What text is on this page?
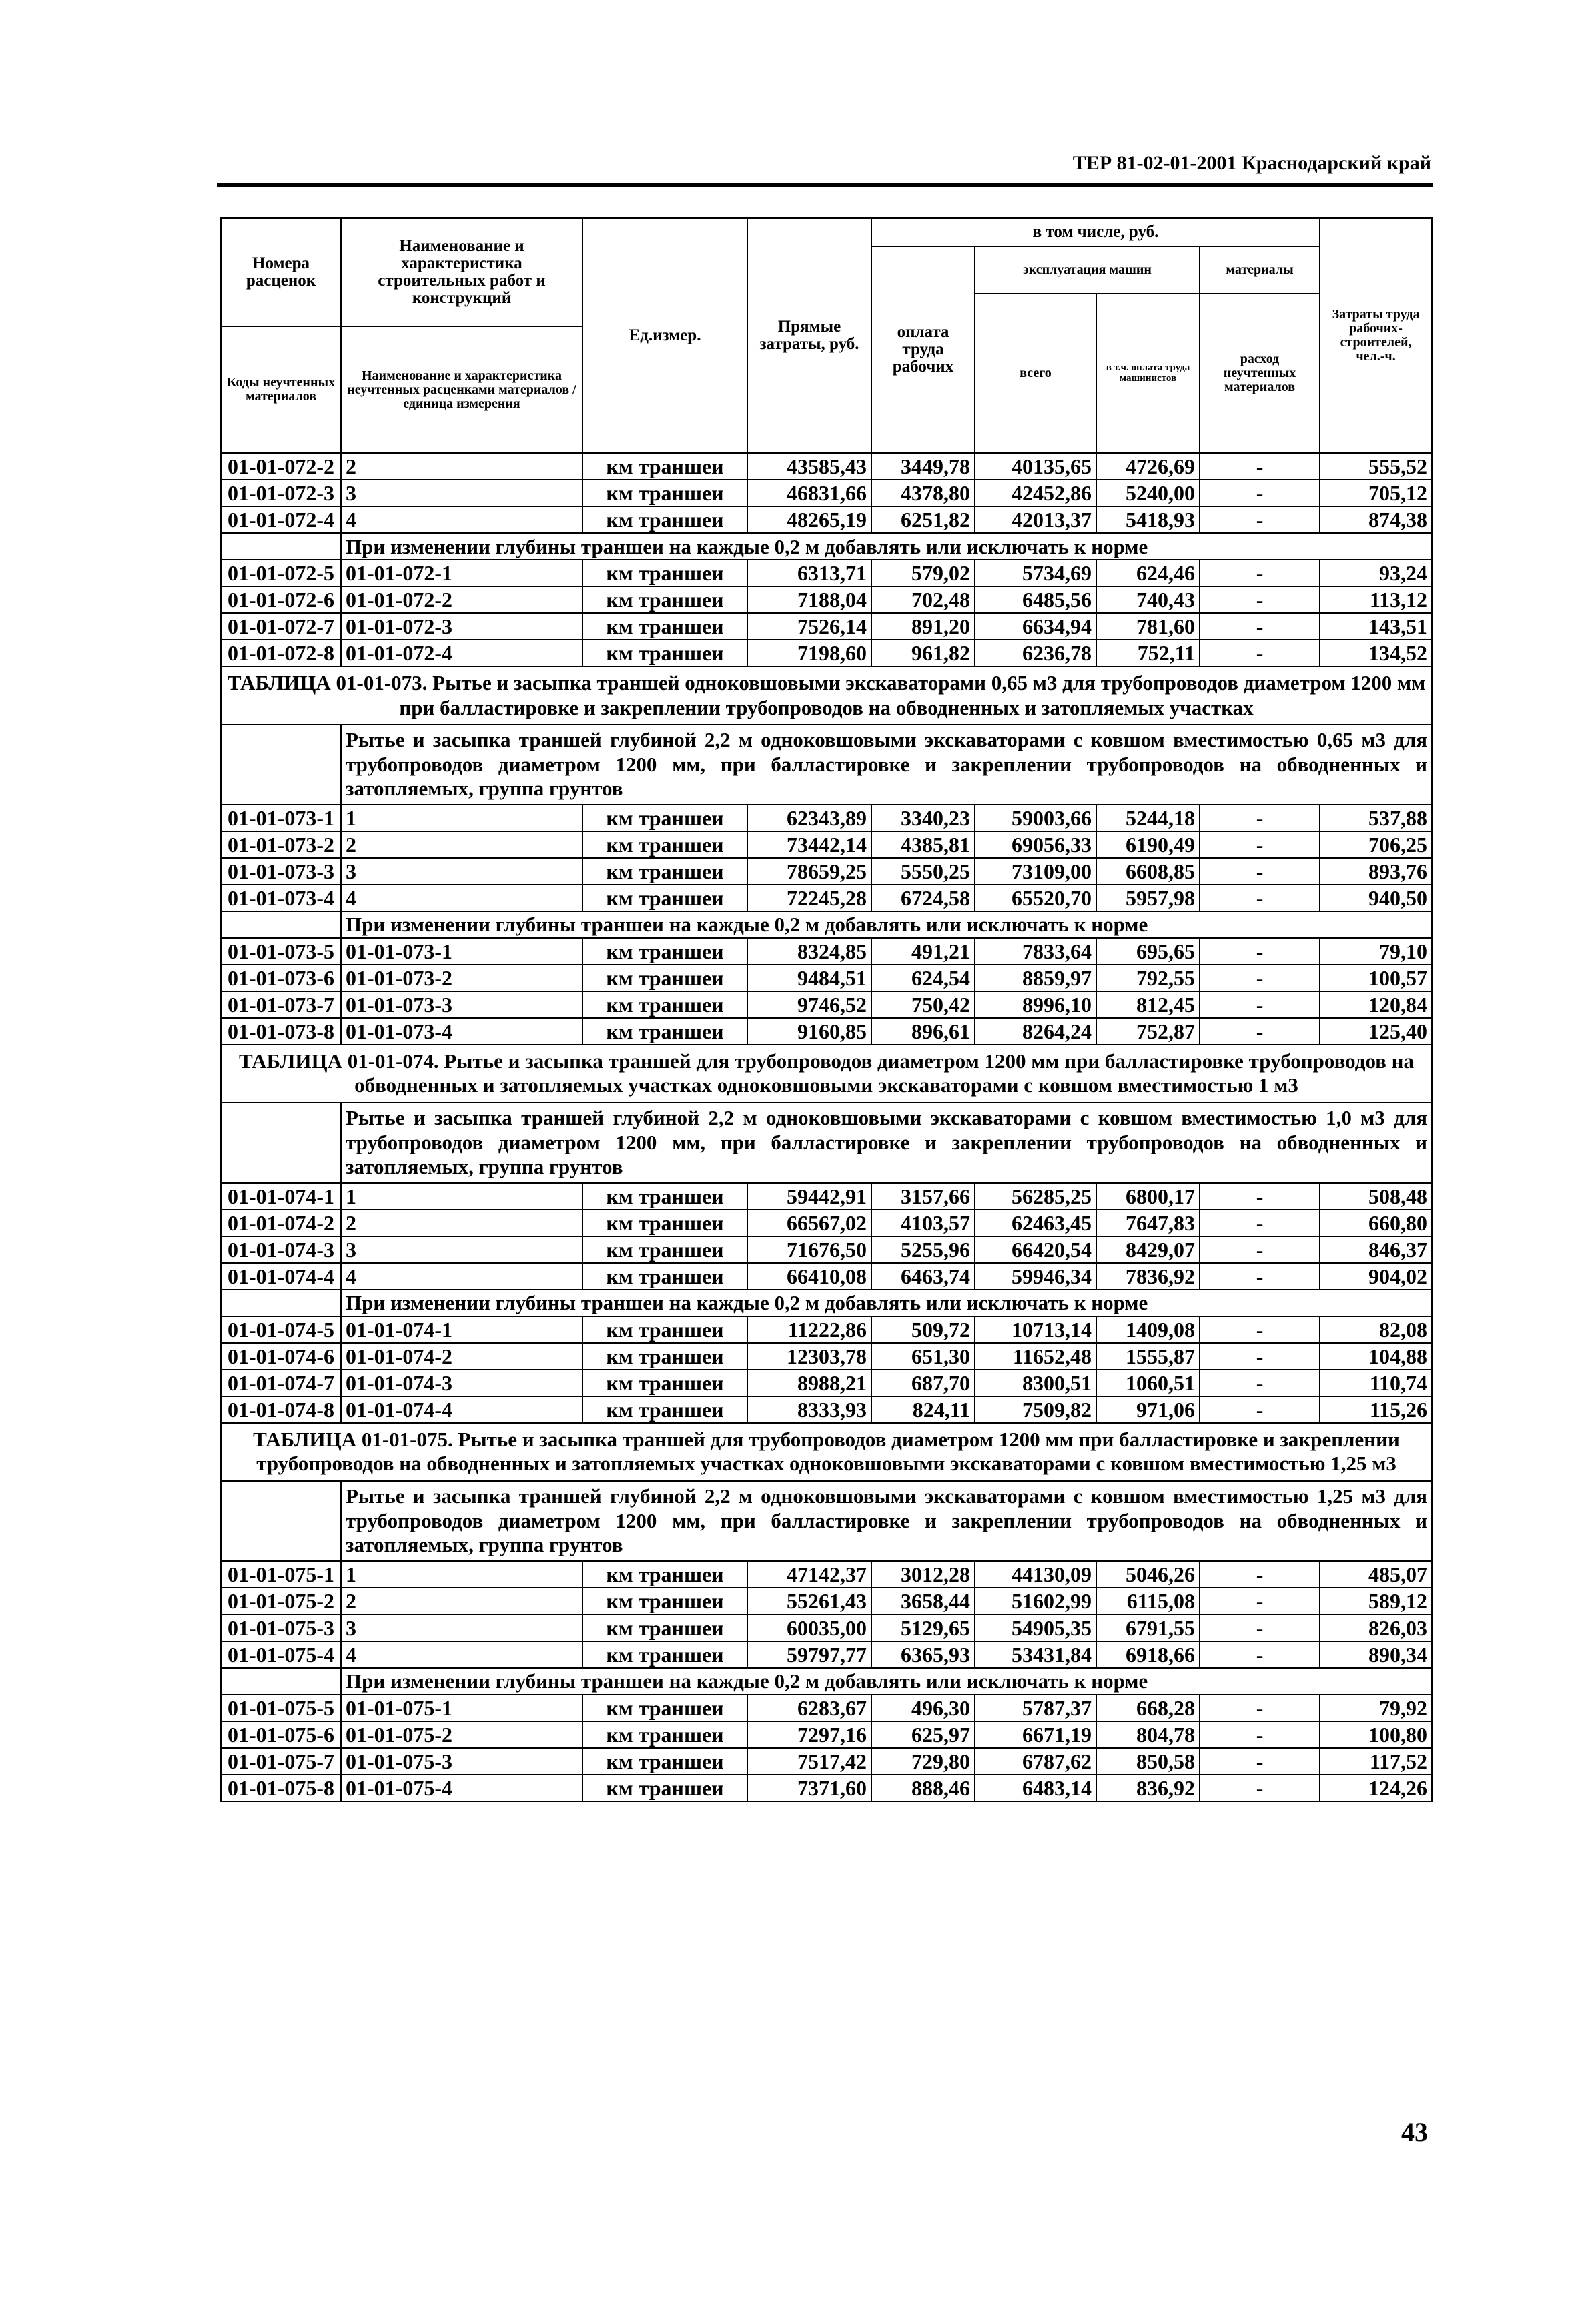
ТЕР 81-02-01-2001 Краснодарский край
Номера расценок	Наименование и характеристика строительных работ и конструкций	Ед.измер.	Прямые затраты, руб.	в том числе, руб.				Затраты труда рабочих-строителей, чел.-ч.
				оплата труда рабочих	эксплуатация машин		материалы	
					всего	в т.ч. оплата труда машинистов	расход неучтенных материалов	
Коды неучтенных материалов	Наименование и характеристика неучтенных расценками материалов / единица измерения							
01-01-072-2	2	км траншеи	43585,43	3449,78	40135,65	4726,69	-	555,52
01-01-072-3	3	км траншеи	46831,66	4378,80	42452,86	5240,00	-	705,12
01-01-072-4	4	км траншеи	48265,19	6251,82	42013,37	5418,93	-	874,38
	При изменении глубины траншеи на каждые 0,2 м добавлять или исключать к норме							
01-01-072-5	01-01-072-1	км траншеи	6313,71	579,02	5734,69	624,46	-	93,24
01-01-072-6	01-01-072-2	км траншеи	7188,04	702,48	6485,56	740,43	-	113,12
01-01-072-7	01-01-072-3	км траншеи	7526,14	891,20	6634,94	781,60	-	143,51
01-01-072-8	01-01-072-4	км траншеи	7198,60	961,82	6236,78	752,11	-	134,52
ТАБЛИЦА 01-01-073. Рытье и засыпка траншей одноковшовыми экскаваторами 0,65 м3 для трубопроводов диаметром 1200 мм при балластировке и закреплении трубопроводов на обводненных и затопляемых участках								
	Рытье и засыпка траншей глубиной 2,2 м одноковшовыми экскаваторами с ковшом вместимостью 0,65 м3 для трубопроводов диаметром 1200 мм, при балластировке и закреплении трубопроводов на обводненных и затопляемых, группа грунтов							
01-01-073-1	1	км траншеи	62343,89	3340,23	59003,66	5244,18	-	537,88
01-01-073-2	2	км траншеи	73442,14	4385,81	69056,33	6190,49	-	706,25
01-01-073-3	3	км траншеи	78659,25	5550,25	73109,00	6608,85	-	893,76
01-01-073-4	4	км траншеи	72245,28	6724,58	65520,70	5957,98	-	940,50
	При изменении глубины траншеи на каждые 0,2 м добавлять или исключать к норме							
01-01-073-5	01-01-073-1	км траншеи	8324,85	491,21	7833,64	695,65	-	79,10
01-01-073-6	01-01-073-2	км траншеи	9484,51	624,54	8859,97	792,55	-	100,57
01-01-073-7	01-01-073-3	км траншеи	9746,52	750,42	8996,10	812,45	-	120,84
01-01-073-8	01-01-073-4	км траншеи	9160,85	896,61	8264,24	752,87	-	125,40
ТАБЛИЦА 01-01-074. Рытье и засыпка траншей для трубопроводов диаметром 1200 мм при балластировке трубопроводов на обводненных и затопляемых участках одноковшовыми экскаваторами с ковшом вместимостью 1 м3								
	Рытье и засыпка траншей глубиной 2,2 м одноковшовыми экскаваторами с ковшом вместимостью 1,0 м3 для трубопроводов диаметром 1200 мм, при балластировке и закреплении трубопроводов на обводненных и затопляемых, группа грунтов							
01-01-074-1	1	км траншеи	59442,91	3157,66	56285,25	6800,17	-	508,48
01-01-074-2	2	км траншеи	66567,02	4103,57	62463,45	7647,83	-	660,80
01-01-074-3	3	км траншеи	71676,50	5255,96	66420,54	8429,07	-	846,37
01-01-074-4	4	км траншеи	66410,08	6463,74	59946,34	7836,92	-	904,02
	При изменении глубины траншеи на каждые 0,2 м добавлять или исключать к норме							
01-01-074-5	01-01-074-1	км траншеи	11222,86	509,72	10713,14	1409,08	-	82,08
01-01-074-6	01-01-074-2	км траншеи	12303,78	651,30	11652,48	1555,87	-	104,88
01-01-074-7	01-01-074-3	км траншеи	8988,21	687,70	8300,51	1060,51	-	110,74
01-01-074-8	01-01-074-4	км траншеи	8333,93	824,11	7509,82	971,06	-	115,26
ТАБЛИЦА 01-01-075. Рытье и засыпка траншей для трубопроводов диаметром 1200 мм при балластировке и закреплении трубопроводов на обводненных и затопляемых участках одноковшовыми экскаваторами с ковшом вместимостью 1,25 м3								
	Рытье и засыпка траншей глубиной 2,2 м одноковшовыми экскаваторами с ковшом вместимостью 1,25 м3 для трубопроводов диаметром 1200 мм, при балластировке и закреплении трубопроводов на обводненных и затопляемых, группа грунтов							
01-01-075-1	1	км траншеи	47142,37	3012,28	44130,09	5046,26	-	485,07
01-01-075-2	2	км траншеи	55261,43	3658,44	51602,99	6115,08	-	589,12
01-01-075-3	3	км траншеи	60035,00	5129,65	54905,35	6791,55	-	826,03
01-01-075-4	4	км траншеи	59797,77	6365,93	53431,84	6918,66	-	890,34
	При изменении глубины траншеи на каждые 0,2 м добавлять или исключать к норме							
01-01-075-5	01-01-075-1	км траншеи	6283,67	496,30	5787,37	668,28	-	79,92
01-01-075-6	01-01-075-2	км траншеи	7297,16	625,97	6671,19	804,78	-	100,80
01-01-075-7	01-01-075-3	км траншеи	7517,42	729,80	6787,62	850,58	-	117,52
01-01-075-8	01-01-075-4	км траншеи	7371,60	888,46	6483,14	836,92	-	124,26
43
